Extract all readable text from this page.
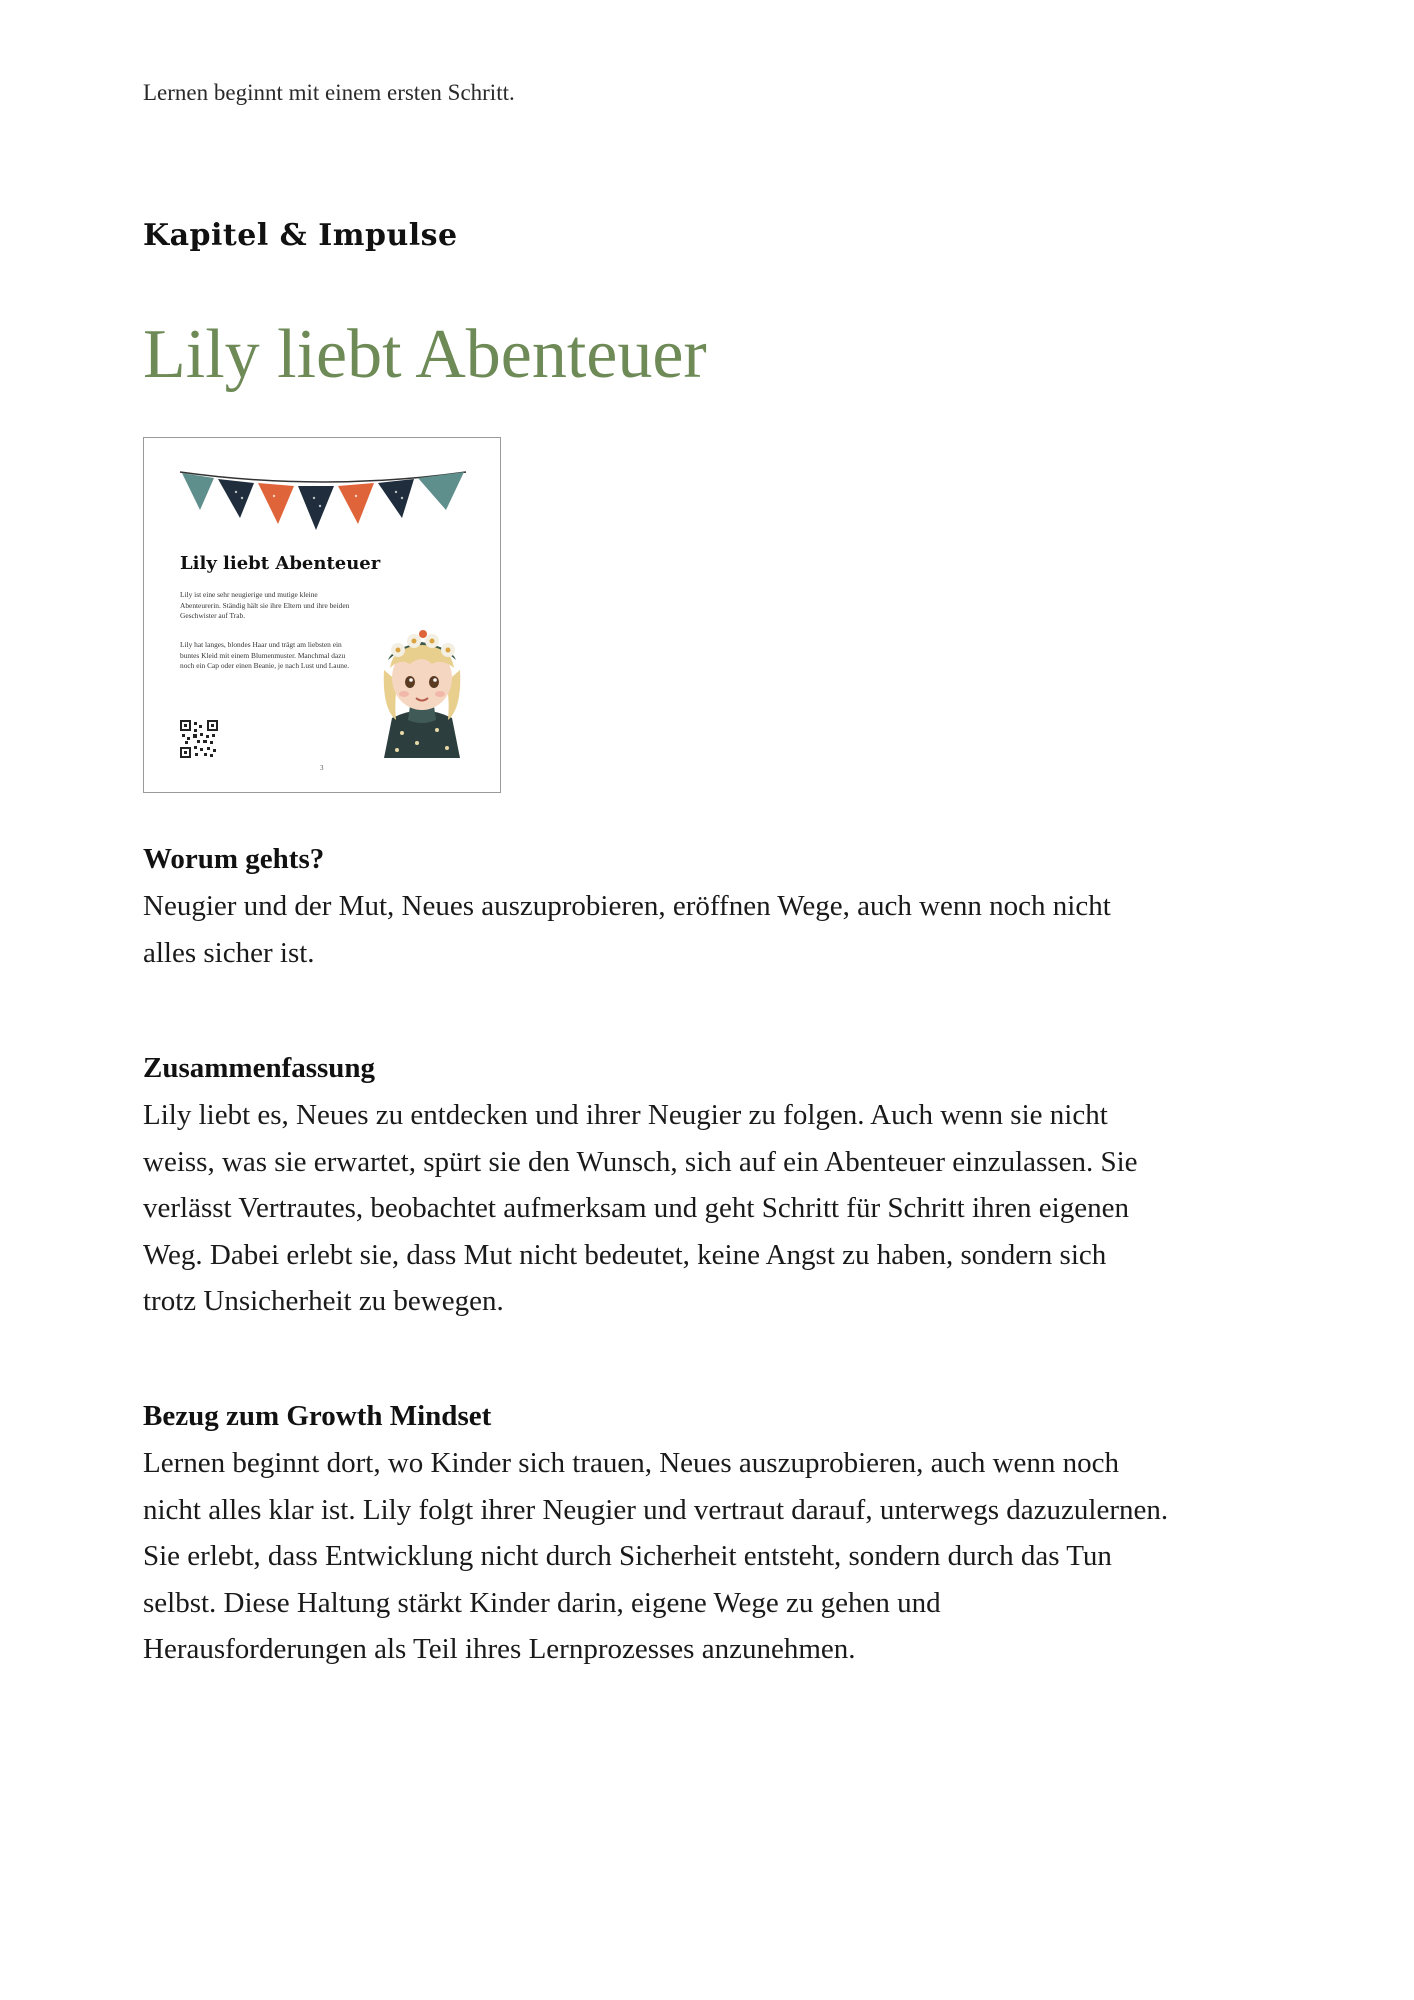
Lernen beginnt mit einem ersten Schritt.
Kapitel & Impulse
Lily liebt Abenteuer
Lily liebt Abenteuer
Lily ist eine sehr neugierige und mutige kleine Abenteurerin. Ständig hält sie ihre Eltern und ihre beiden Geschwister auf Trab.
Lily hat langes, blondes Haar und trägt am liebsten ein buntes Kleid mit einem Blumenmuster. Manchmal dazu noch ein Cap oder einen Beanie, je nach Lust und Laune.
3
Worum gehts?
Neugier und der Mut, Neues auszuprobieren, eröffnen Wege, auch wenn noch nicht
alles sicher ist.
Zusammenfassung
Lily liebt es, Neues zu entdecken und ihrer Neugier zu folgen. Auch wenn sie nicht
weiss, was sie erwartet, spürt sie den Wunsch, sich auf ein Abenteuer einzulassen. Sie
verlässt Vertrautes, beobachtet aufmerksam und geht Schritt für Schritt ihren eigenen
Weg. Dabei erlebt sie, dass Mut nicht bedeutet, keine Angst zu haben, sondern sich
trotz Unsicherheit zu bewegen.
Bezug zum Growth Mindset
Lernen beginnt dort, wo Kinder sich trauen, Neues auszuprobieren, auch wenn noch
nicht alles klar ist. Lily folgt ihrer Neugier und vertraut darauf, unterwegs dazuzulernen.
Sie erlebt, dass Entwicklung nicht durch Sicherheit entsteht, sondern durch das Tun
selbst. Diese Haltung stärkt Kinder darin, eigene Wege zu gehen und
Herausforderungen als Teil ihres Lernprozesses anzunehmen.
